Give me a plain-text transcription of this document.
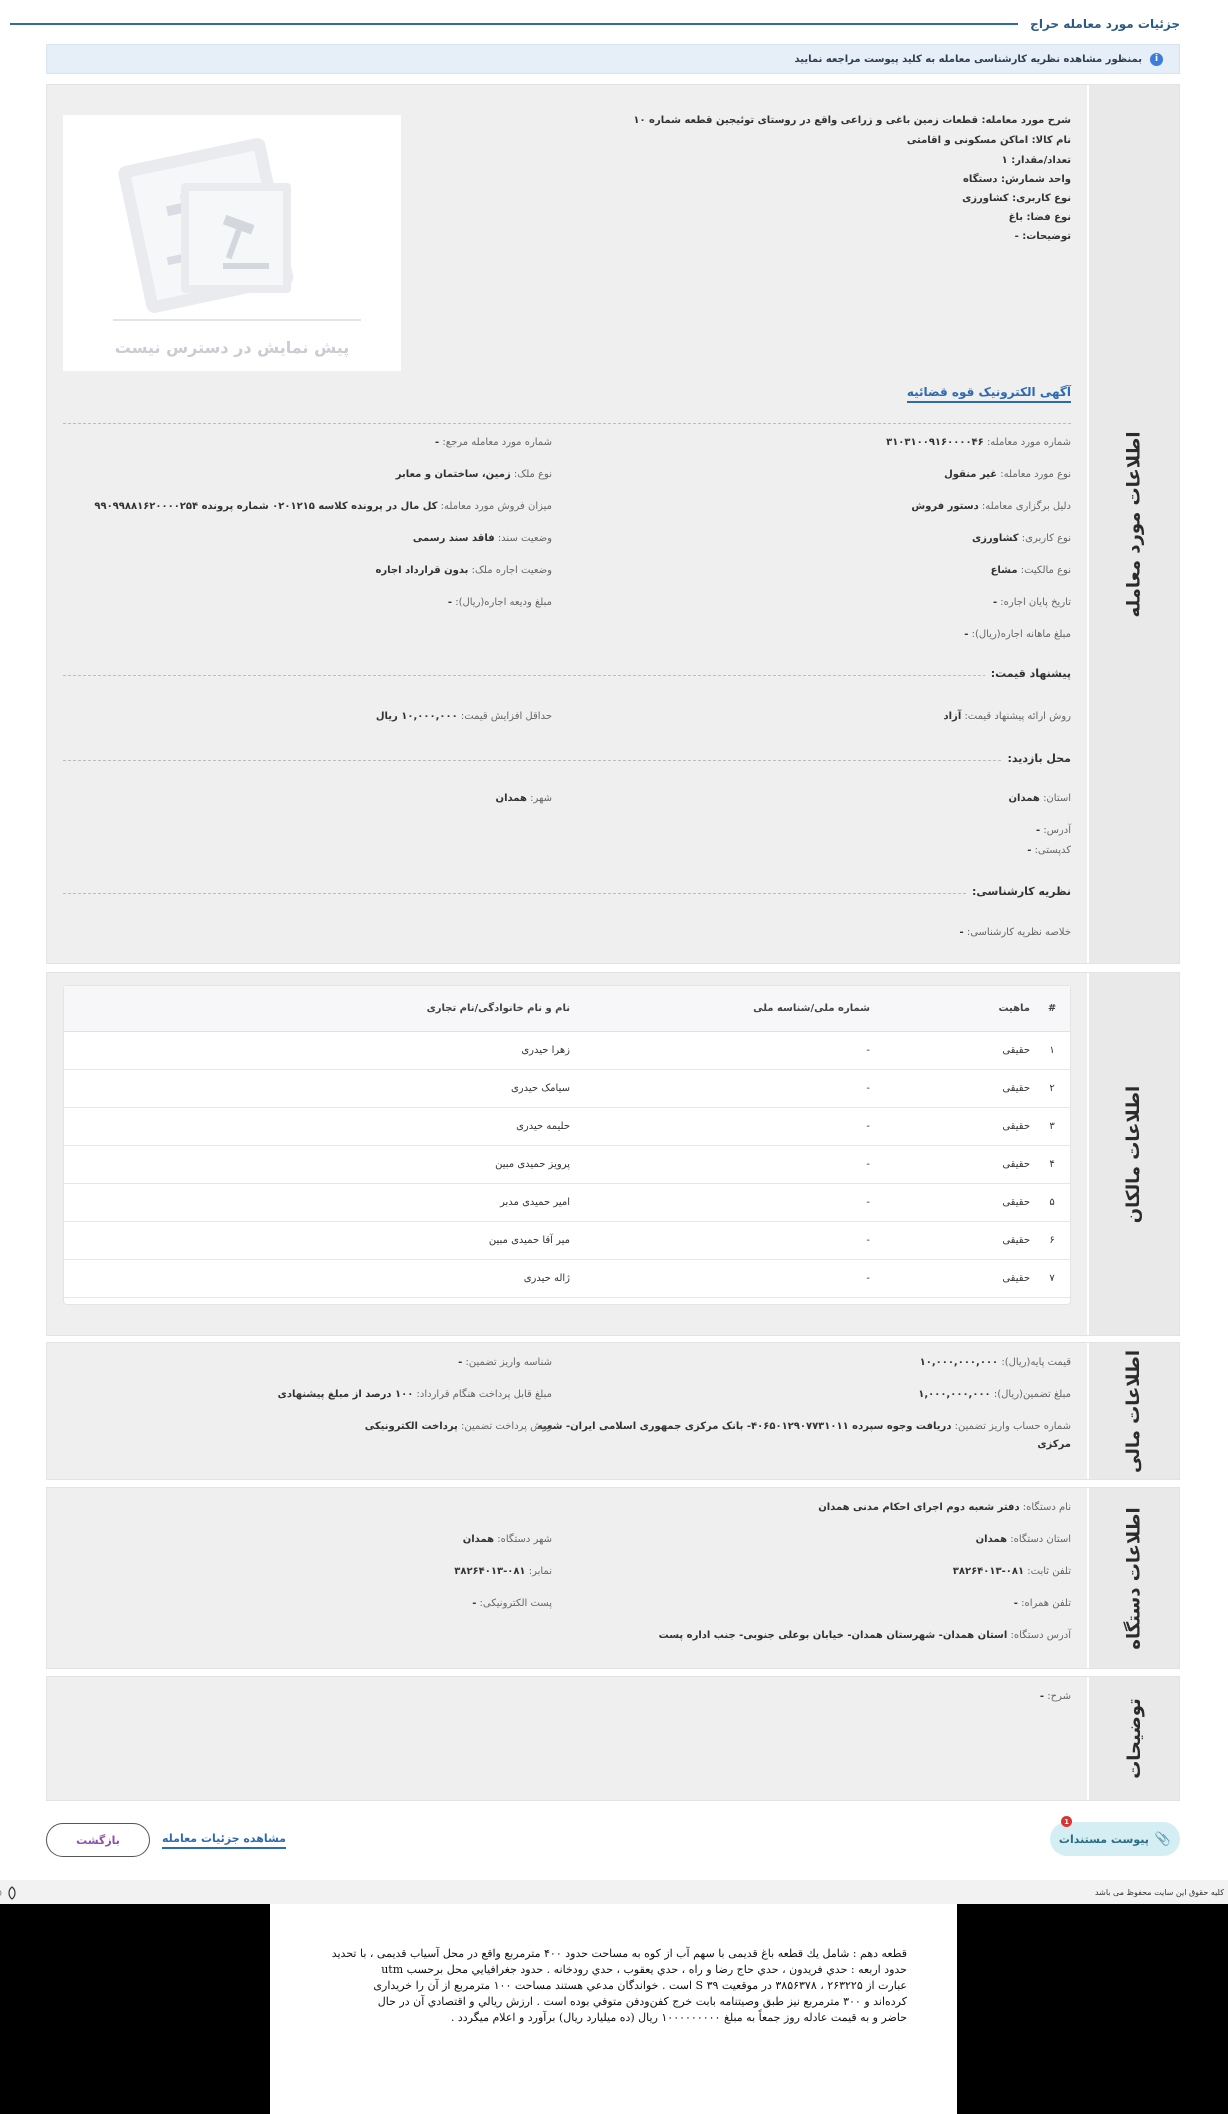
جزئیات مورد معامله حراج
i
بمنظور مشاهده نظریه کارشناسی معامله به کلید پیوست مراجعه نمایید
اطلاعات مورد معامله
شرح مورد معامله: قطعات زمین باغی و زراعی واقع در روستای توئیجین قطعه شماره ۱۰
نام کالا: اماکن مسکونی و اقامتی
تعداد/مقدار: ۱
واحد شمارش: دستگاه
نوع کاربری: کشاورزی
نوع فضا: باغ
توضیحات: -
پیش نمایش در دسترس نیست
آگهی الکترونیک قوه قضائیه
شماره مورد معامله: ۳۱۰۳۱۰۰۹۱۶۰۰۰۰۴۶
نوع مورد معامله: غیر منقول
دلیل برگزاری معامله: دستور فروش
نوع کاربری: کشاورزی
نوع مالکیت: مشاع
تاریخ پایان اجاره: -
مبلغ ماهانه اجاره(ریال): -
شماره مورد معامله مرجع: -
نوع ملک: زمین، ساختمان و معابر
میزان فروش مورد معامله: کل مال در پرونده کلاسه ۰۲۰۱۲۱۵ شماره پرونده ۹۹۰۹۹۸۸۱۶۲۰۰۰۰۲۵۴
وضعیت سند: فاقد سند رسمی
وضعیت اجاره ملک: بدون قرارداد اجاره
مبلغ ودیعه اجاره(ریال): -
پیشنهاد قیمت:
روش ارائه پیشنهاد قیمت: آزاد
حداقل افزایش قیمت: ۱۰,۰۰۰,۰۰۰ ریال
محل بازدید:
استان: همدان
شهر: همدان
آدرس: -
کدپستی: -
نظریه کارشناسی:
خلاصه نظریه کارشناسی: -
اطلاعات مالکان
#
ماهیت
شماره ملی/شناسه ملی
نام و نام خانوادگی/نام تجاری
۱
حقیقی
-
زهرا حیدری
۲
حقیقی
-
سیامک حیدری
۳
حقیقی
-
حلیمه حیدری
۴
حقیقی
-
پرویز حمیدی مبین
۵
حقیقی
-
امیر حمیدی مدبر
۶
حقیقی
-
میر آقا حمیدی مبین
۷
حقیقی
-
ژاله حیدری
اطلاعات مالی
قیمت پایه(ریال): ۱۰,۰۰۰,۰۰۰,۰۰۰
مبلغ تضمین(ریال): ۱,۰۰۰,۰۰۰,۰۰۰
شماره حساب واریز تضمین: دریافت وجوه سپرده ۴۰۶۵۰۱۲۹۰۷۷۳۱۰۱۱- بانک مرکزی جمهوری اسلامی ایران- شعبه
مرکزی
شناسه واریز تضمین: -
مبلغ قابل پرداخت هنگام قرارداد: ۱۰۰ درصد از مبلغ پیشنهادی
روش پرداخت تضمین: پرداخت الکترونیکی
اطلاعات دستگاه
نام دستگاه: دفتر شعبه دوم اجرای احکام مدنی همدان
استان دستگاه: همدان
شهر دستگاه: همدان
تلفن ثابت: ۰۸۱-۳۸۲۶۴۰۱۳
نمابر: ۰۸۱-۳۸۲۶۴۰۱۳
تلفن همراه: -
پست الکترونیکی: -
آدرس دستگاه: استان همدان- شهرستان همدان- خیابان بوعلی جنوبی- جنب اداره پست
توضیحات
شرح: -
📎
پیوست مستندات
1
مشاهده جزئیات معامله
بازگشت
کلیه حقوق این سایت محفوظ می باشد
قطعه دهم : شامل یك قطعه باغ قدیمی با سهم آب از کوه به مساحت حدود ۴۰۰ مترمربع واقع در محل آسیاب قدیمی ، با تحدید
حدود اربعه : حدي فريدون ، حدي حاج رضا و راه ، حدي يعقوب ، حدي رودخانه . حدود جغرافيايي محل برحسب utm
عبارت از ۲۶۳۲۲۵ ، ۳۸۵۶۳۷۸ در موقعیت ۳۹ S است . خواندگان مدعي هستند مساحت ۱۰۰ مترمربع از آن را خریداری
کرده‌اند و ۳۰۰ مترمربع نیز طبق وصیتنامه بابت خرج کفن‌ودفن متوفي بوده است . ارزش ریالي و اقتصادي آن در حال
حاضر و به قیمت عادله روز جمعاً به مبلغ ۱۰۰۰۰۰۰۰۰۰ ریال (ده میلیارد ریال) برآورد و اعلام میگردد .
